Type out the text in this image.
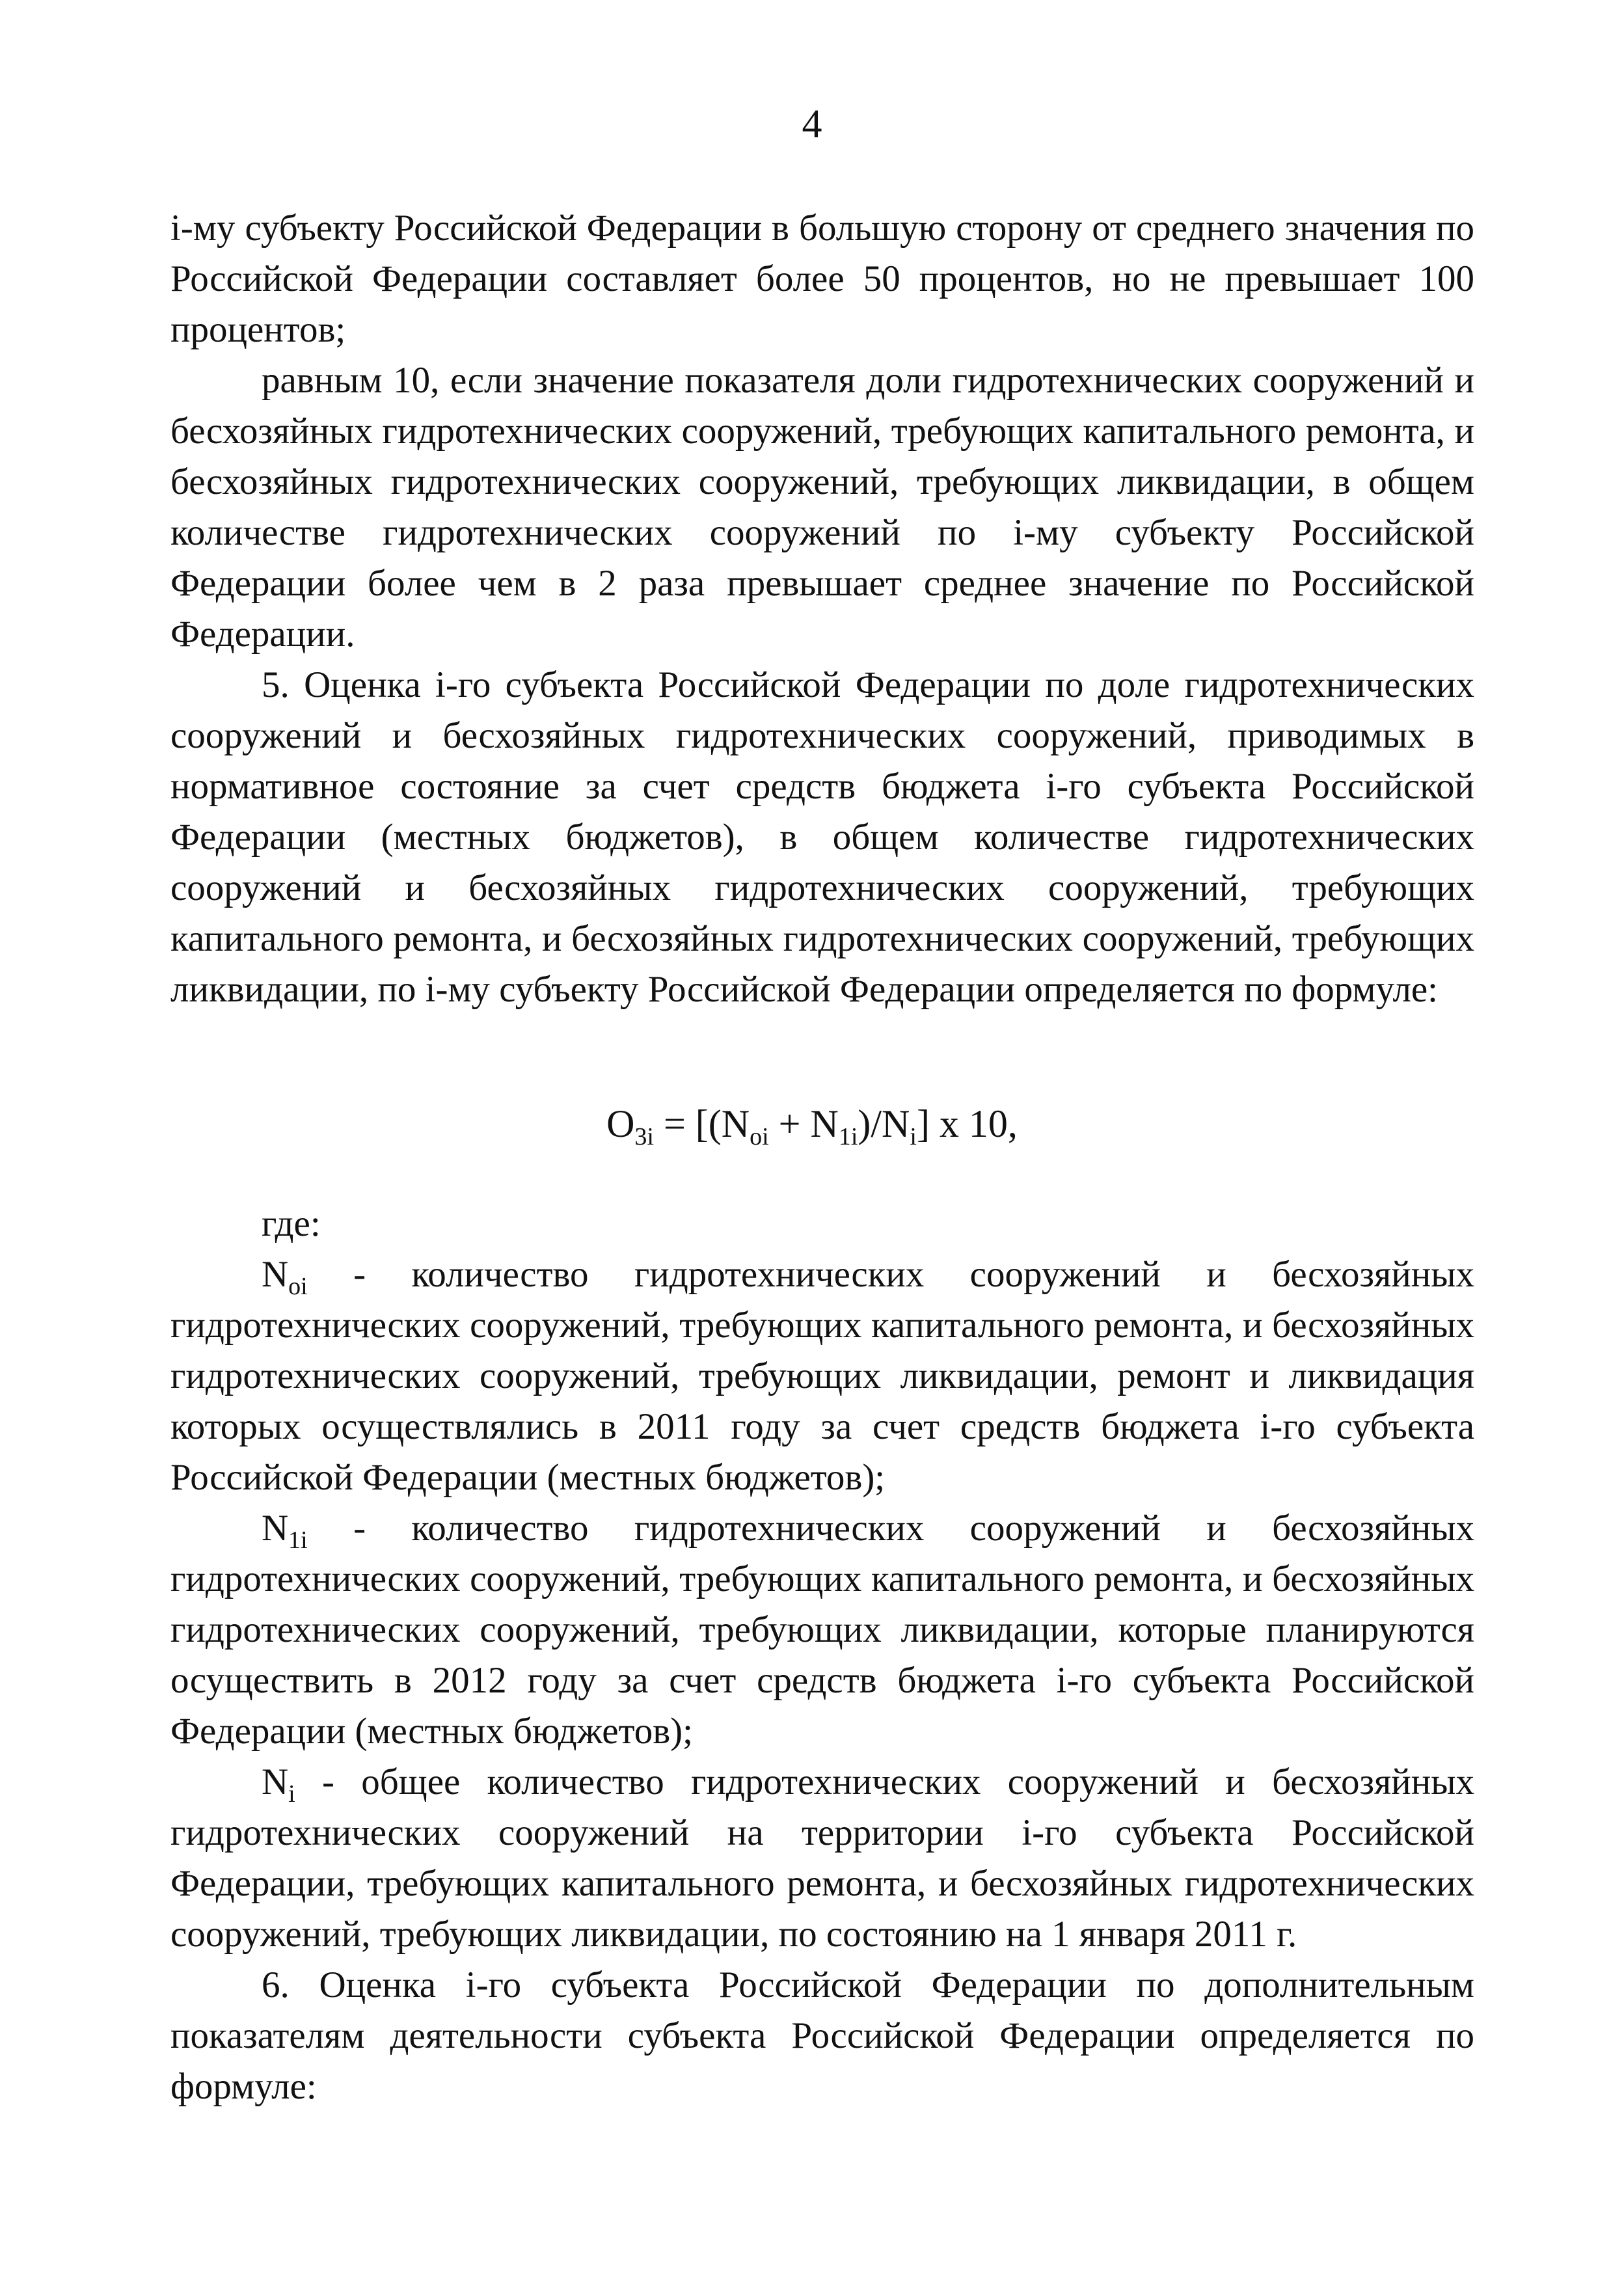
4

i-му субъекту Российской Федерации в большую сторону от среднего значения по Российской Федерации составляет более 50 процентов, но не превышает 100 процентов;

равным 10, если значение показателя доли гидротехнических сооружений и бесхозяйных гидротехнических сооружений, требующих капитального ремонта, и бесхозяйных гидротехнических сооружений, требующих ликвидации, в общем количестве гидротехнических сооружений по i-му субъекту Российской Федерации более чем в 2 раза превышает среднее значение по Российской Федерации.

5. Оценка i-го субъекта Российской Федерации по доле гидротехнических сооружений и бесхозяйных гидротехнических сооружений, приводимых в нормативное состояние за счет средств бюджета i-го субъекта Российской Федерации (местных бюджетов), в общем количестве гидротехнических сооружений и бесхозяйных гидротехнических сооружений, требующих капитального ремонта, и бесхозяйных гидротехнических сооружений, требующих ликвидации, по i-му субъекту Российской Федерации определяется по формуле:

$O_{3i} = [(N_{oi} + N_{1i})/N_i]$ x 10,

где:

$N_{oi}$ - количество гидротехнических сооружений и бесхозяйных гидротехнических сооружений, требующих капитального ремонта, и бесхозяйных гидротехнических сооружений, требующих ликвидации, ремонт и ликвидация которых осуществлялись в 2011 году за счет средств бюджета i-го субъекта Российской Федерации (местных бюджетов);

$N_{1i}$ - количество гидротехнических сооружений и бесхозяйных гидротехнических сооружений, требующих капитального ремонта, и бесхозяйных гидротехнических сооружений, требующих ликвидации, которые планируются осуществить в 2012 году за счет средств бюджета i-го субъекта Российской Федерации (местных бюджетов);

$N_i$ - общее количество гидротехнических сооружений и бесхозяйных гидротехнических сооружений на территории i-го субъекта Российской Федерации, требующих капитального ремонта, и бесхозяйных гидротехнических сооружений, требующих ликвидации, по состоянию на 1 января 2011 г.

6. Оценка i-го субъекта Российской Федерации по дополнительным показателям деятельности субъекта Российской Федерации определяется по формуле:
